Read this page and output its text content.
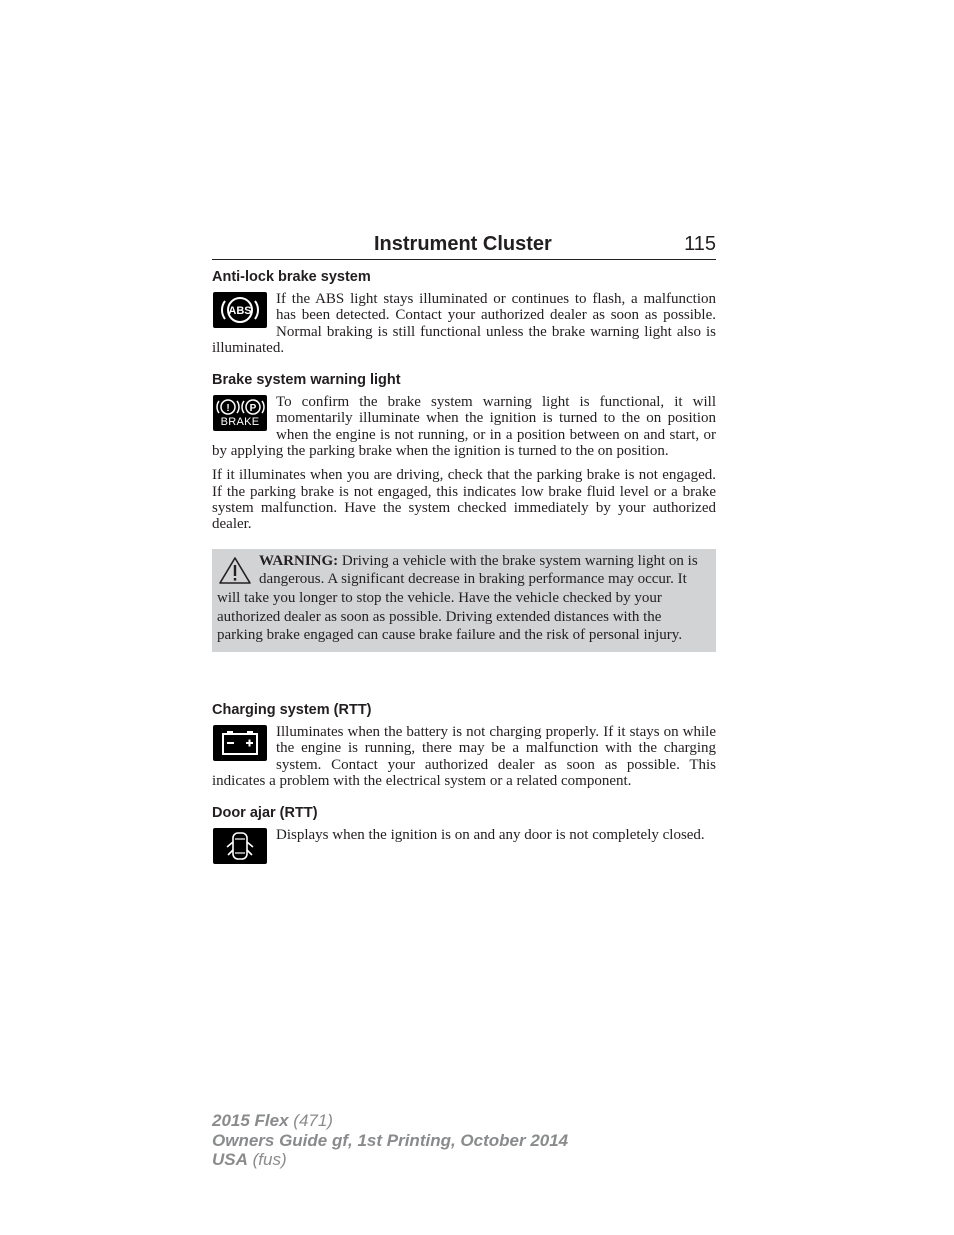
Instrument Cluster	115
Anti-lock brake system

ABS
If the ABS light stays illuminated or continues to flash, a malfunction has been detected. Contact your authorized dealer as soon as possible. Normal braking is still functional unless the brake warning light also is illuminated.

Brake system warning light

! P
BRAKE
To confirm the brake system warning light is functional, it will momentarily illuminate when the ignition is turned to the on position when the engine is not running, or in a position between on and start, or by applying the parking brake when the ignition is turned to the on position.

If it illuminates when you are driving, check that the parking brake is not engaged. If the parking brake is not engaged, this indicates low brake fluid level or a brake system malfunction. Have the system checked immediately by your authorized dealer.

WARNING: Driving a vehicle with the brake system warning light on is dangerous. A significant decrease in braking performance may occur. It will take you longer to stop the vehicle. Have the vehicle checked by your authorized dealer as soon as possible. Driving extended distances with the parking brake engaged can cause brake failure and the risk of personal injury.

Charging system (RTT)

Illuminates when the battery is not charging properly. If it stays on while the engine is running, there may be a malfunction with the charging system. Contact your authorized dealer as soon as possible. This indicates a problem with the electrical system or a related component.

Door ajar (RTT)

Displays when the ignition is on and any door is not completely closed.

2015 Flex (471)
Owners Guide gf, 1st Printing, October 2014
USA (fus)
